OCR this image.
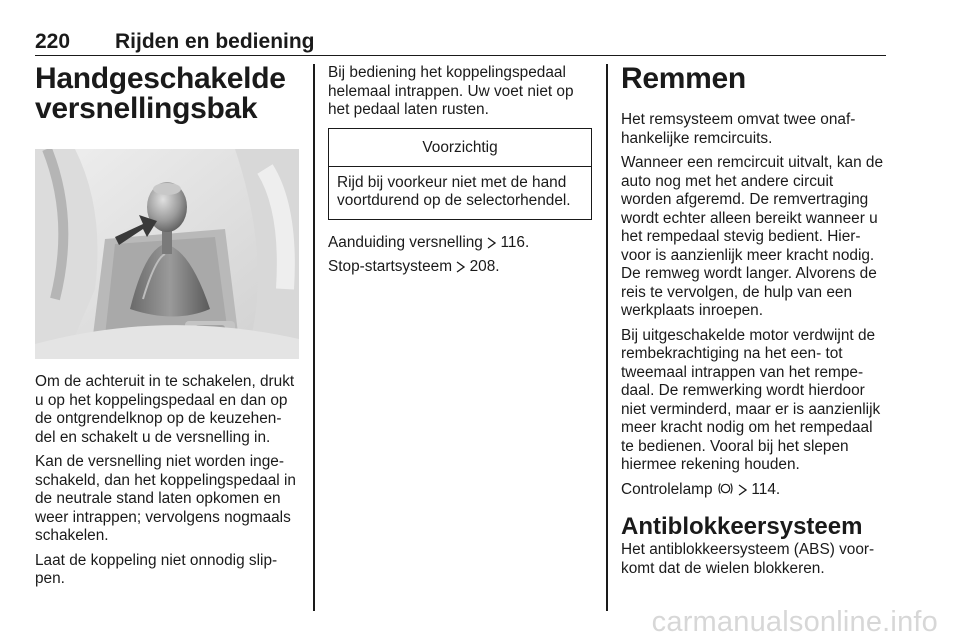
220 Rijden en bediening
Handgeschakelde
versnellingsbak

Om de achteruit in te schakelen, drukt u op het koppelingspedaal en dan op de ontgrendelknop op de keuzehen- del en schakelt u de versnelling in.

Kan de versnelling niet worden inge- schakeld, dan het koppelingspedaal in de neutrale stand laten opkomen en weer intrappen; vervolgens nogmaals schakelen.

Laat de koppeling niet onnodig slip- pen.

Bij bediening het koppelingspedaal helemaal intrappen. Uw voet niet op het pedaal laten rusten.

Voorzichtig
Rijd bij voorkeur niet met de hand voortdurend op de selectorhendel.

Aanduiding versnelling 116.

Stop-startsysteem 208.

Remmen

Het remsysteem omvat twee onaf- hankelijke remcircuits.

Wanneer een remcircuit uitvalt, kan de auto nog met het andere circuit worden afgeremd. De remvertraging wordt echter alleen bereikt wanneer u het rempedaal stevig bedient. Hier- voor is aanzienlijk meer kracht nodig. De remweg wordt langer. Alvorens de reis te vervolgen, de hulp van een werkplaats inroepen.

Bij uitgeschakelde motor verdwijnt de rembekrachtiging na het een- tot tweemaal intrappen van het rempe- daal. De remwerking wordt hierdoor niet verminderd, maar er is aanzienlijk meer kracht nodig om het rempedaal te bedienen. Vooral bij het slepen hiermee rekening houden.

Controlelamp	114.

Antiblokkeersysteem

Het antiblokkeersysteem (ABS) voor- komt dat de wielen blokkeren.

carmanualsonline.info
